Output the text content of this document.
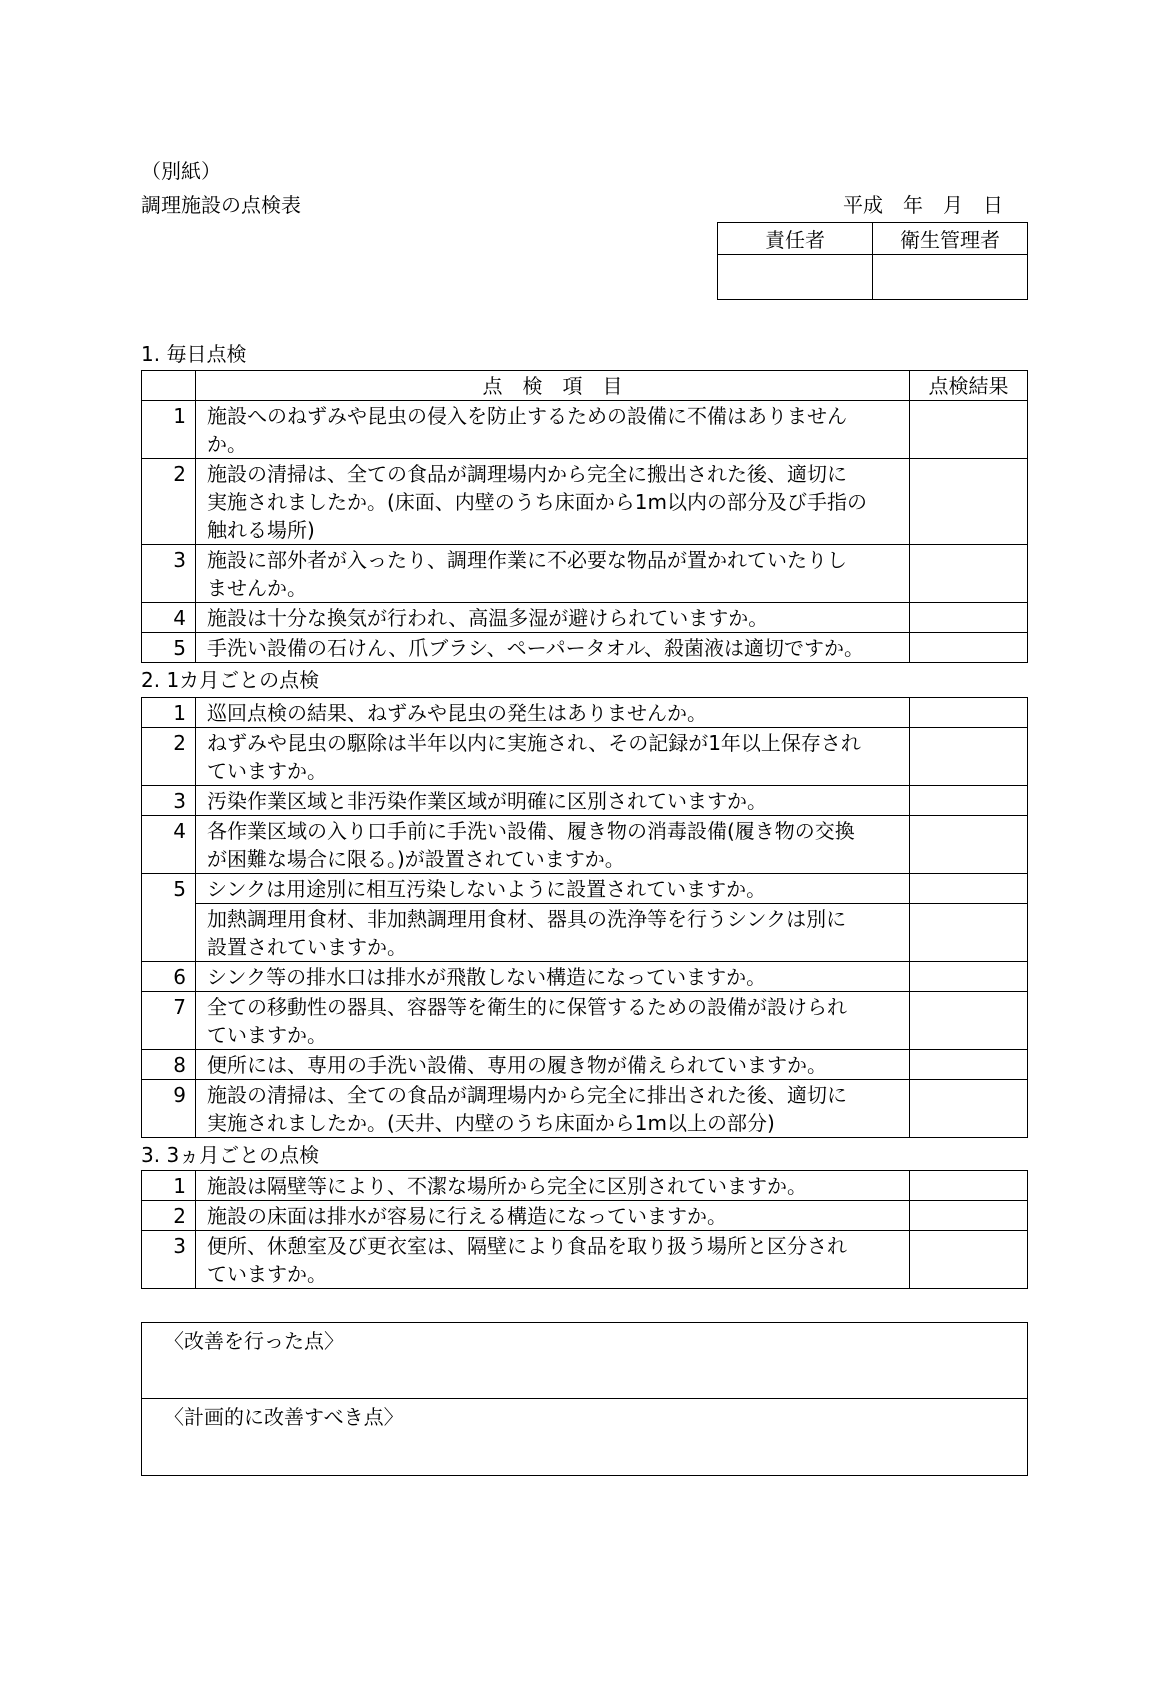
（別紙）
調理施設の点検表	平成　年　月　日
責任者	衛生管理者

1. 毎日点検
	点　検　項　目	点検結果
1	施設へのねずみや昆虫の侵入を防止するための設備に不備はありません
か。	
2	施設の清掃は、全ての食品が調理場内から完全に搬出された後、適切に
実施されましたか。(床面、内壁のうち床面から1m以内の部分及び手指の
触れる場所)	
3	施設に部外者が入ったり、調理作業に不必要な物品が置かれていたりし
ませんか。	
4	施設は十分な換気が行われ、高温多湿が避けられていますか。	
5	手洗い設備の石けん、爪ブラシ、ペーパータオル、殺菌液は適切ですか。	
2. 1カ月ごとの点検
1	巡回点検の結果、ねずみや昆虫の発生はありませんか。	
2	ねずみや昆虫の駆除は半年以内に実施され、その記録が1年以上保存され
ていますか。	
3	汚染作業区域と非汚染作業区域が明確に区別されていますか。	
4	各作業区域の入り口手前に手洗い設備、履き物の消毒設備(履き物の交換
が困難な場合に限る。)が設置されていますか。	
5	シンクは用途別に相互汚染しないように設置されていますか。	
	加熱調理用食材、非加熱調理用食材、器具の洗浄等を行うシンクは別に
設置されていますか。	
6	シンク等の排水口は排水が飛散しない構造になっていますか。	
7	全ての移動性の器具、容器等を衛生的に保管するための設備が設けられ
ていますか。	
8	便所には、専用の手洗い設備、専用の履き物が備えられていますか。	
9	施設の清掃は、全ての食品が調理場内から完全に排出された後、適切に
実施されましたか。(天井、内壁のうち床面から1m以上の部分)	
3. 3ヵ月ごとの点検
1	施設は隔壁等により、不潔な場所から完全に区別されていますか。	
2	施設の床面は排水が容易に行える構造になっていますか。	
3	便所、休憩室及び更衣室は、隔壁により食品を取り扱う場所と区分され
ていますか。	
〈改善を行った点〉
〈計画的に改善すべき点〉
